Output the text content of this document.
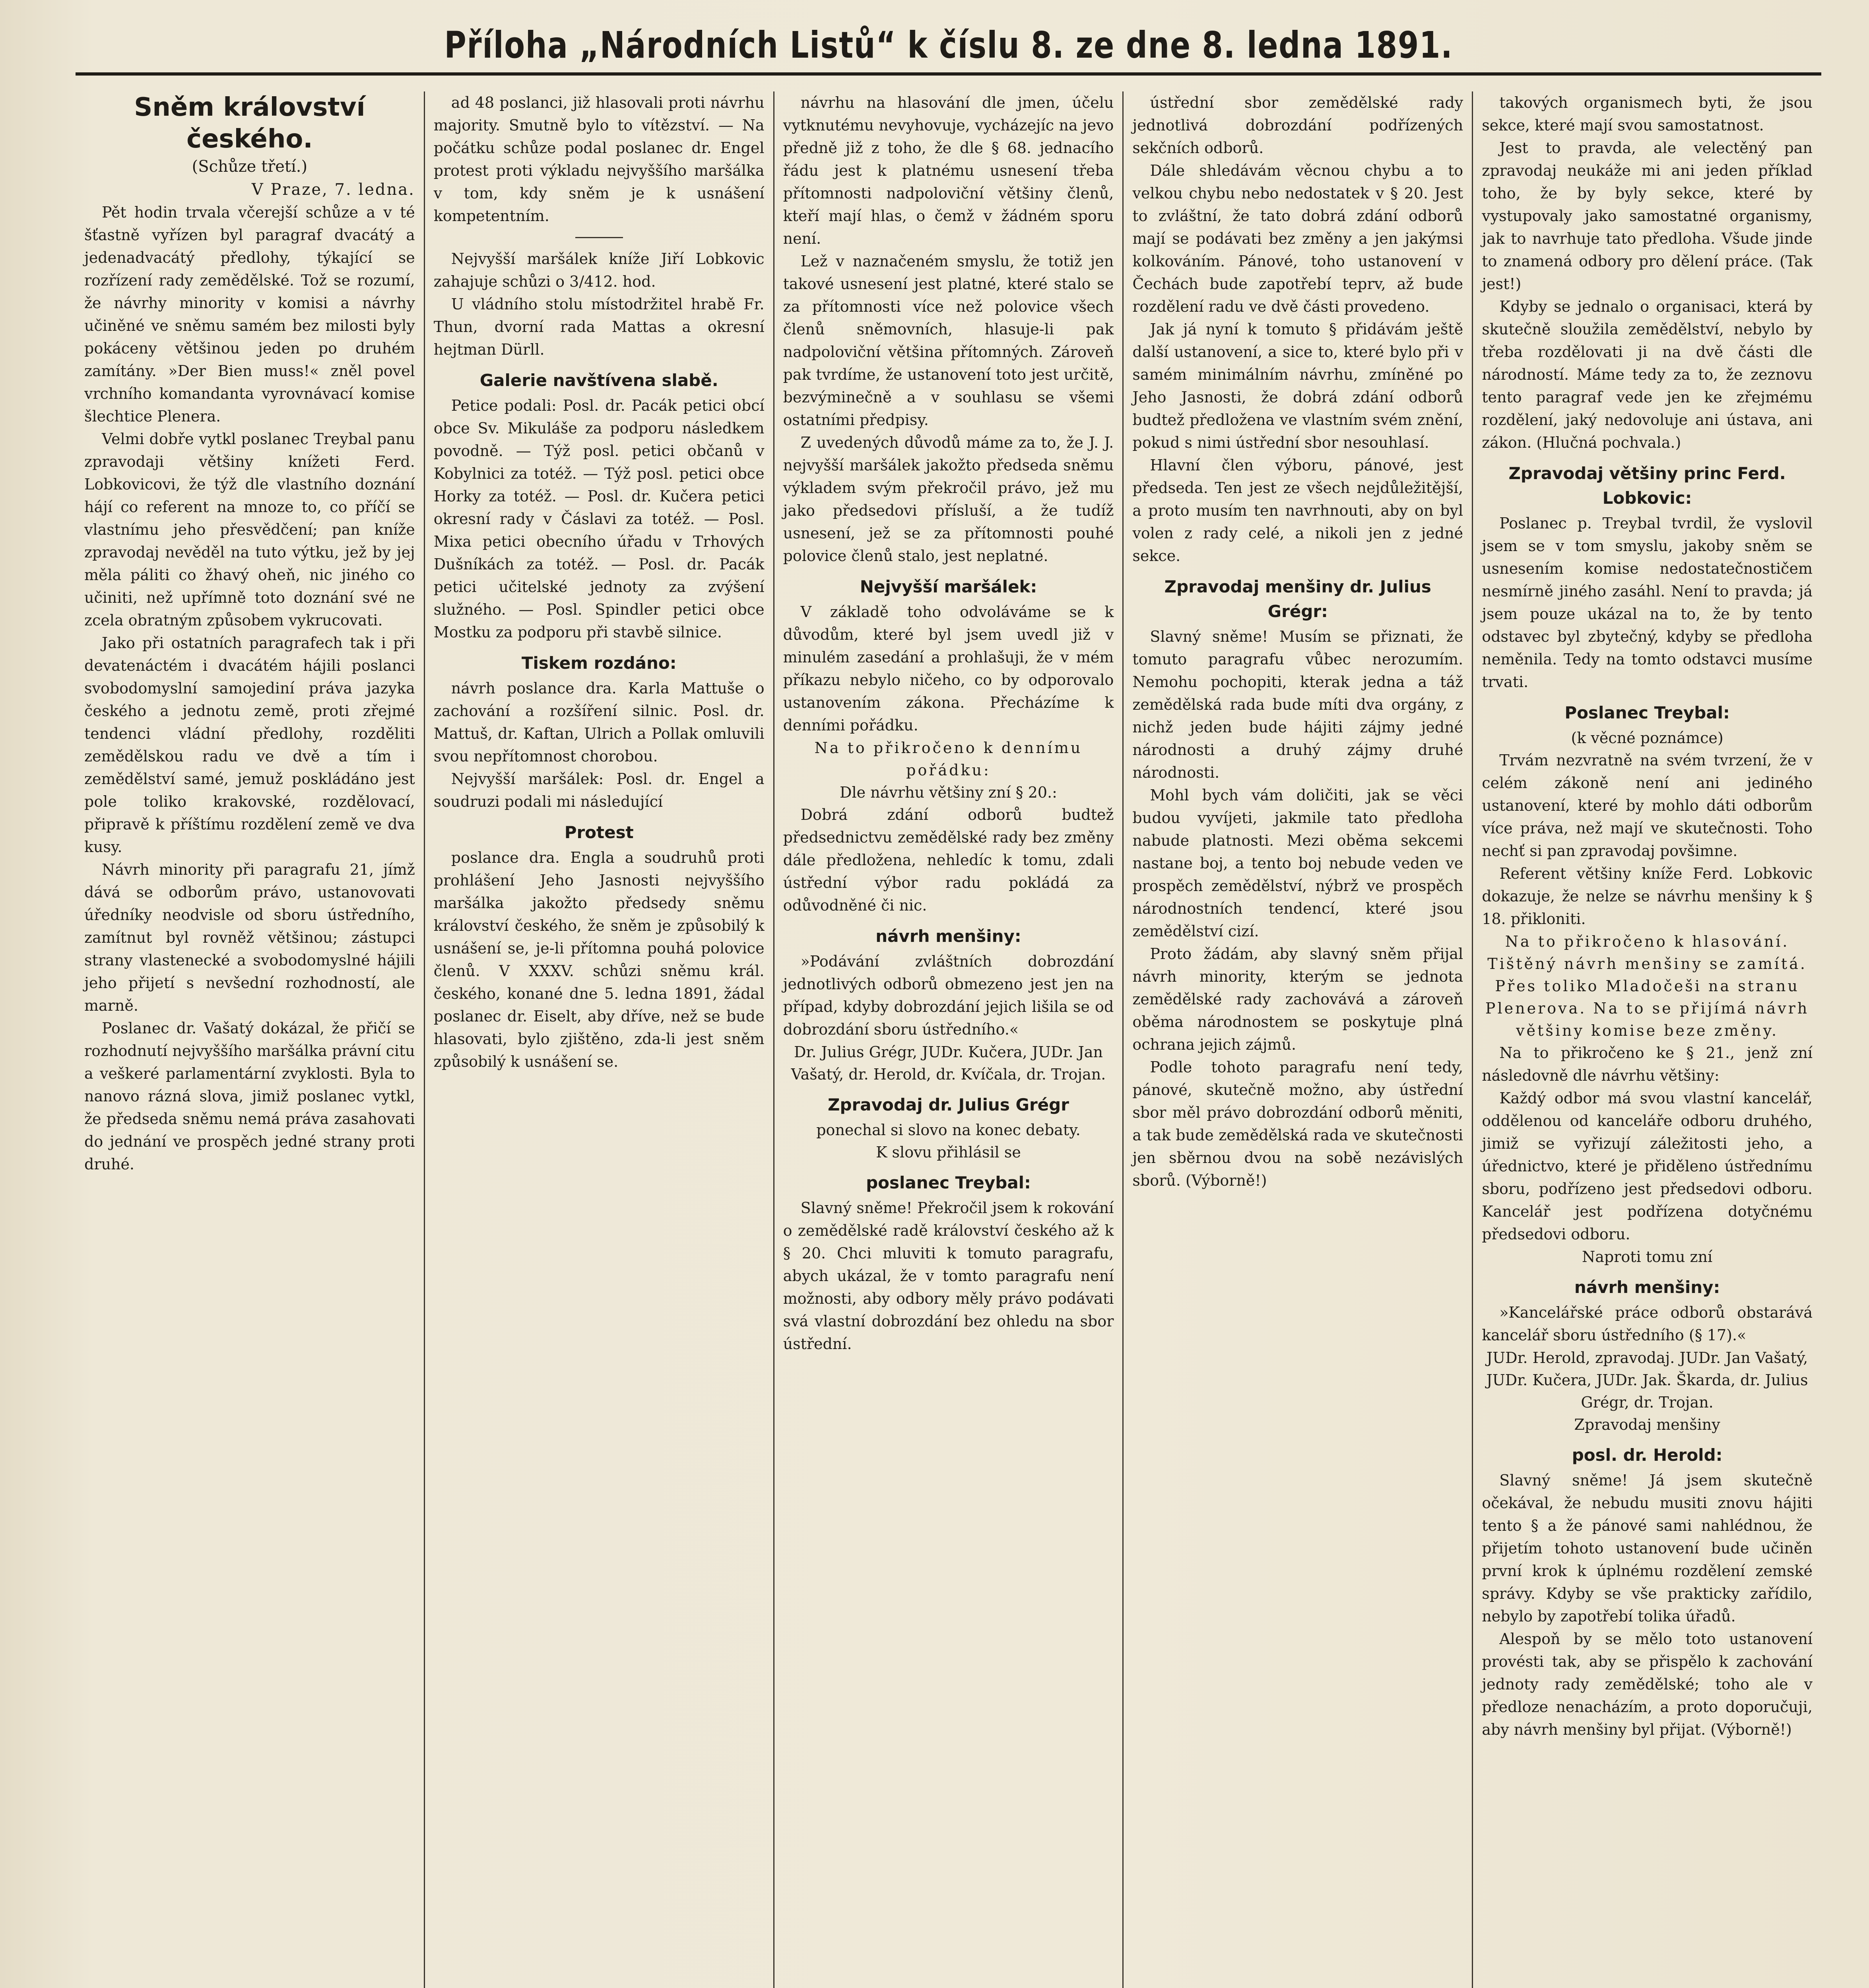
Příloha „Národních Listů“ k číslu 8. ze dne 8. ledna 1891.
Sněm království českého.
(Schůze třetí.)
V Praze, 7. ledna.

Pět hodin trvala včerejší schůze a v té šťastně vyřízen byl paragraf dvacátý a jedenadvacátý předlohy, týkající se rozřízení rady zemědělské. Tož se rozumí, že návrhy minority v komisi a návrhy učiněné ve sněmu samém bez milosti byly pokáceny většinou jeden po druhém zamítány. »Der Bien muss!« zněl povel vrchního komandanta vyrovnávací komise šlechtice Plenera.

Velmi dobře vytkl poslanec Treybal panu zpravodaji většiny knížeti Ferd. Lobkovicovi, že týž dle vlastního doznání hájí co referent na mnoze to, co příčí se vlastnímu jeho přesvědčení; pan kníže zpravodaj nevěděl na tuto výtku, jež by jej měla páliti co žhavý oheň, nic jiného co učiniti, než upřímně toto doznání své ne zcela obratným způsobem vykrucovati.

Jako při ostatních paragrafech tak i při devatenáctém i dvacátém hájili poslanci svobodomyslní samojediní práva jazyka českého a jednotu země, proti zřejmé tendenci vládní předlohy, rozděliti zemědělskou radu ve dvě a tím i zemědělství samé, jemuž poskládáno jest pole toliko krakovské, rozdělovací, připravě k příštímu rozdělení země ve dva kusy.

Návrh minority při paragrafu 21, jímž dává se odborům právo, ustanovovati úředníky neodvisle od sboru ústředního, zamítnut byl rovněž většinou; zástupci strany vlastenecké a svobodomyslné hájili jeho přijetí s nevšední rozhodností, ale marně.

Poslanec dr. Vašatý dokázal, že přičí se rozhodnutí nejvyššího maršálka právní citu a veškeré parlamentární zvyklosti. Byla to nanovo rázná slova, jimiž poslanec vytkl, že předseda sněmu nemá práva zasahovati do jednání ve prospěch jedné strany proti druhé.

ad 48 poslanci, již hlasovali proti návrhu majority. Smutně bylo to vítězství. — Na počátku schůze podal poslanec dr. Engel protest proti výkladu nejvyššího maršálka v tom, kdy sněm je k usnášení kompetentním.

Nejvyšší maršálek kníže Jiří Lobkovic zahajuje schůzi o 3/412. hod.

U vládního stolu místodržitel hrabě Fr. Thun, dvorní rada Mattas a okresní hejtman Dürll.

Galerie navštívena slabě.

Petice podali: Posl. dr. Pacák petici obcí obce Sv. Mikuláše za podporu následkem povodně. — Týž posl. petici občanů v Kobylnici za totéž. — Týž posl. petici obce Horky za totéž. — Posl. dr. Kučera petici okresní rady v Čáslavi za totéž. — Posl. Mixa petici obecního úřadu v Trhových Dušníkách za totéž. — Posl. dr. Pacák petici učitelské jednoty za zvýšení služného. — Posl. Spindler petici obce Mostku za podporu při stavbě silnice.

Tiskem rozdáno:

návrh poslance dra. Karla Mattuše o zachování a rozšíření silnic. Posl. dr. Mattuš, dr. Kaftan, Ulrich a Pollak omluvili svou nepřítomnost chorobou.

Nejvyšší maršálek: Posl. dr. Engel a soudruzi podali mi následující

Protest

poslance dra. Engla a soudruhů proti prohlášení Jeho Jasnosti nejvyššího maršálka jakožto předsedy sněmu království českého, že sněm je způsobilý k usnášení se, je-li přítomna pouhá polovice členů. V XXXV. schůzi sněmu král. českého, konané dne 5. ledna 1891, žádal poslanec dr. Eiselt, aby dříve, než se bude hlasovati, bylo zjištěno, zda-li jest sněm způsobilý k usnášení se.

návrhu na hlasování dle jmen, účelu vytknutému nevyhovuje, vycházejíc na jevo předně již z toho, že dle § 68. jednacího řádu jest k platnému usnesení třeba přítomnosti nadpoloviční většiny členů, kteří mají hlas, o čemž v žádném sporu není.

Lež v naznačeném smyslu, že totiž jen takové usnesení jest platné, které stalo se za přítomnosti více než polovice všech členů sněmovních, hlasuje-li pak nadpoloviční většina přítomných. Zároveň pak tvrdíme, že ustanovení toto jest určitě, bezvýminečně a v souhlasu se všemi ostatními předpisy.

Z uvedených důvodů máme za to, že J. J. nejvyšší maršálek jakožto předseda sněmu výkladem svým překročil právo, jež mu jako předsedovi přísluší, a že tudíž usnesení, jež se za přítomnosti pouhé polovice členů stalo, jest neplatné.

Nejvyšší maršálek:

V základě toho odvoláváme se k důvodům, které byl jsem uvedl již v minulém zasedání a prohlašuji, že v mém příkazu nebylo ničeho, co by odporovalo ustanovením zákona. Přecházíme k denními pořádku.

Na to přikročeno k dennímu pořádku:
Dle návrhu většiny zní § 20.:

Dobrá zdání odborů budtež předsednictvu zemědělské rady bez změny dále předložena, nehledíc k tomu, zdali ústřední výbor radu pokládá za odůvodněné či nic.

návrh menšiny:

»Podávání zvláštních dobrozdání jednotlivých odborů obmezeno jest jen na případ, kdyby dobrozdání jejich lišila se od dobrozdání sboru ústředního.«

Dr. Julius Grégr, JUDr. Kučera, JUDr. Jan Vašatý, dr. Herold, dr. Kvíčala, dr. Trojan.
Zpravodaj dr. Julius Grégr
ponechal si slovo na konec debaty.
K slovu přihlásil se
poslanec Treybal:

Slavný sněme! Překročil jsem k rokování o zemědělské radě království českého až k § 20. Chci mluviti k tomuto paragrafu, abych ukázal, že v tomto paragrafu není možnosti, aby odbory měly právo podávati svá vlastní dobrozdání bez ohledu na sbor ústřední.

ústřední sbor zemědělské rady jednotlivá dobrozdání podřízených sekčních odborů.

Dále shledávám věcnou chybu a to velkou chybu nebo nedostatek v § 20. Jest to zvláštní, že tato dobrá zdání odborů mají se podávati bez změny a jen jakýmsi kolkováním. Pánové, toho ustanovení v Čechách bude zapotřebí teprv, až bude rozdělení radu ve dvě části provedeno.

Jak já nyní k tomuto § přidávám ještě další ustanovení, a sice to, které bylo při v samém minimálním návrhu, zmíněné po Jeho Jasnosti, že dobrá zdání odborů budtež předložena ve vlastním svém znění, pokud s nimi ústřední sbor nesouhlasí.

Hlavní člen výboru, pánové, jest předseda. Ten jest ze všech nejdůležitější, a proto musím ten navrhnouti, aby on byl volen z rady celé, a nikoli jen z jedné sekce.

Zpravodaj menšiny dr. Julius Grégr:

Slavný sněme! Musím se přiznati, že tomuto paragrafu vůbec nerozumím. Nemohu pochopiti, kterak jedna a táž zemědělská rada bude míti dva orgány, z nichž jeden bude hájiti zájmy jedné národnosti a druhý zájmy druhé národnosti.

Mohl bych vám doličiti, jak se věci budou vyvíjeti, jakmile tato předloha nabude platnosti. Mezi oběma sekcemi nastane boj, a tento boj nebude veden ve prospěch zemědělství, nýbrž ve prospěch národnostních tendencí, které jsou zemědělství cizí.

Proto žádám, aby slavný sněm přijal návrh minority, kterým se jednota zemědělské rady zachovává a zároveň oběma národnostem se poskytuje plná ochrana jejich zájmů.

Podle tohoto paragrafu není tedy, pánové, skutečně možno, aby ústřední sbor měl právo dobrozdání odborů měniti, a tak bude zemědělská rada ve skutečnosti jen sběrnou dvou na sobě nezávislých sborů. (Výborně!)

takových organismech byti, že jsou sekce, které mají svou samostatnost.

Jest to pravda, ale velectěný pan zpravodaj neukáže mi ani jeden příklad toho, že by byly sekce, které by vystupovaly jako samostatné organismy, jak to navrhuje tato předloha. Všude jinde to znamená odbory pro dělení práce. (Tak jest!)

Kdyby se jednalo o organisaci, která by skutečně sloužila zemědělství, nebylo by třeba rozdělovati ji na dvě části dle národností. Máme tedy za to, že zeznovu tento paragraf vede jen ke zřejmému rozdělení, jaký nedovoluje ani ústava, ani zákon. (Hlučná pochvala.)

Zpravodaj většiny princ Ferd. Lobkovic:

Poslanec p. Treybal tvrdil, že vyslovil jsem se v tom smyslu, jakoby sněm se usnesením komise nedostatečnostičem nesmírně jiného zasáhl. Není to pravda; já jsem pouze ukázal na to, že by tento odstavec byl zbytečný, kdyby se předloha neměnila. Tedy na tomto odstavci musíme trvati.

Poslanec Treybal:
(k věcné poznámce)

Trvám nezvratně na svém tvrzení, že v celém zákoně není ani jediného ustanovení, které by mohlo dáti odborům více práva, než mají ve skutečnosti. Toho nechť si pan zpravodaj povšimne.

Referent většiny kníže Ferd. Lobkovic dokazuje, že nelze se návrhu menšiny k § 18. přikloniti.

Na to přikročeno k hlasování. Tištěný návrh menšiny se zamítá. Přes toliko Mladočeši na stranu Plenerova. Na to se přijímá návrh většiny komise beze změny.

Na to přikročeno ke § 21., jenž zní následovně dle návrhu většiny:

Každý odbor má svou vlastní kancelář, oddělenou od kanceláře odboru druhého, jimiž se vyřizují záležitosti jeho, a úřednictvo, které je přiděleno ústřednímu sboru, podřízeno jest předsedovi odboru. Kancelář jest podřízena dotyčnému předsedovi odboru.

Naproti tomu zní
návrh menšiny:

»Kancelářské práce odborů obstarává kancelář sboru ústředního (§ 17).«

JUDr. Herold, zpravodaj. JUDr. Jan Vašatý, JUDr. Kučera, JUDr. Jak. Škarda, dr. Julius Grégr, dr. Trojan.
Zpravodaj menšiny
posl. dr. Herold:

Slavný sněme! Já jsem skutečně očekával, že nebudu musiti znovu hájiti tento § a že pánové sami nahlédnou, že přijetím tohoto ustanovení bude učiněn první krok k úplnému rozdělení zemské správy. Kdyby se vše prakticky zařídilo, nebylo by zapotřebí tolika úřadů.

Alespoň by se mělo toto ustanovení provésti tak, aby se přispělo k zachování jednoty rady zemědělské; toho ale v předloze nenacházím, a proto doporučuji, aby návrh menšiny byl přijat. (Výborně!)
